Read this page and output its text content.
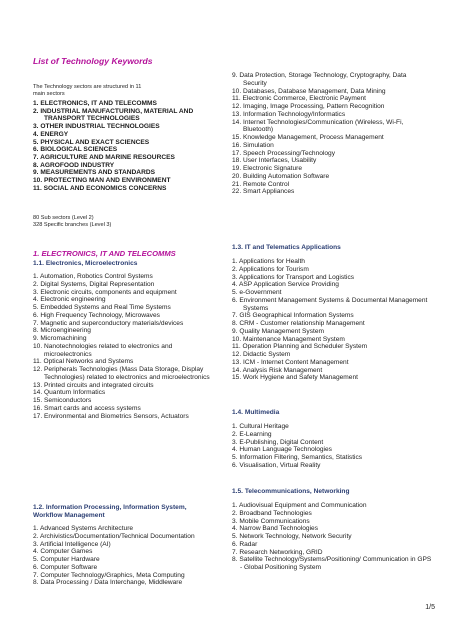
List of Technology Keywords
The Technology sectors are structured in 11 main sectors
1. ELECTRONICS, IT AND TELECOMMS
2. INDUSTRIAL MANUFACTURING, MATERIAL AND TRANSPORT TECHNOLOGIES
3. OTHER INDUSTRIAL TECHNOLOGIES
4. ENERGY
5. PHYSICAL AND EXACT SCIENCES
6. BIOLOGICAL SCIENCES
7. AGRICULTURE AND MARINE RESOURCES
8. AGROFOOD INDUSTRY
9. MEASUREMENTS AND STANDARDS
10. PROTECTING MAN AND ENVIRONMENT
11. SOCIAL AND ECONOMICS CONCERNS
80 Sub sectors (Level 2)
328 Specific branches (Level 3)
1. ELECTRONICS, IT AND TELECOMMS
1.1. Electronics, Microelectronics
1. Automation, Robotics Control Systems
2. Digital Systems, Digital Representation
3. Electronic circuits, components and equipment
4. Electronic engineering
5. Embedded Systems and Real Time Systems
6. High Frequency Technology, Microwaves
7. Magnetic and superconductory materials/devices
8. Microengineering
9. Micromachining
10. Nanotechnologies related to electronics and microelectronics
11. Optical Networks and Systems
12. Peripherals Technologies (Mass Data Storage, Display Technologies) related to electronics and microelectronics
13. Printed circuits and integrated circuits
14. Quantum Informatics
15. Semiconductors
16. Smart cards and access systems
17. Environmental and Biometrics Sensors, Actuators
1.2. Information Processing, Information System, Workflow Management
1. Advanced Systems Architecture
2. Archivistics/Documentation/Technical Documentation
3. Artificial Intelligence (AI)
4. Computer Games
5. Computer Hardware
6. Computer Software
7. Computer Technology/Graphics, Meta Computing
8. Data Processing / Data Interchange, Middleware
9. Data Protection, Storage Technology, Cryptography, Data Security
10. Databases, Database Management, Data Mining
11. Electronic Commerce, Electronic Payment
12. Imaging, Image Processing, Pattern Recognition
13. Information Technology/Informatics
14. Internet Technologies/Communication (Wireless, Wi-Fi, Bluetooth)
15. Knowledge Management, Process Management
16. Simulation
17. Speech Processing/Technology
18. User Interfaces, Usability
19. Electronic Signature
20. Building Automation Software
21. Remote Control
22. Smart Appliances
1.3. IT and Telematics Applications
1. Applications for Health
2. Applications for Tourism
3. Applications for Transport and Logistics
4. ASP Application Service Providing
5. e-Government
6. Environment Management Systems & Documental Management Systems
7. GIS Geographical Information Systems
8. CRM - Customer relationship Management
9. Quality Management System
10. Maintenance Management System
11. Operation Planning and Scheduler System
12. Didactic System
13. ICM - Internet Content Management
14. Analysis Risk Management
15. Work Hygiene and Safety Management
1.4. Multimedia
1. Cultural Heritage
2. E-Learning
3. E-Publishing, Digital Content
4. Human Language Technologies
5. Information Filtering, Semantics, Statistics
6. Visualisation, Virtual Reality
1.5. Telecommunications, Networking
1. Audiovisual Equipment and Communication
2. Broadband Technologies
3. Mobile Communications
4. Narrow Band Technologies
5. Network Technology, Network Security
6. Radar
7. Research Networking, GRID
8. Satellite Technology/Systems/Positioning/ Communication in GPS - Global Positioning System
1/5
